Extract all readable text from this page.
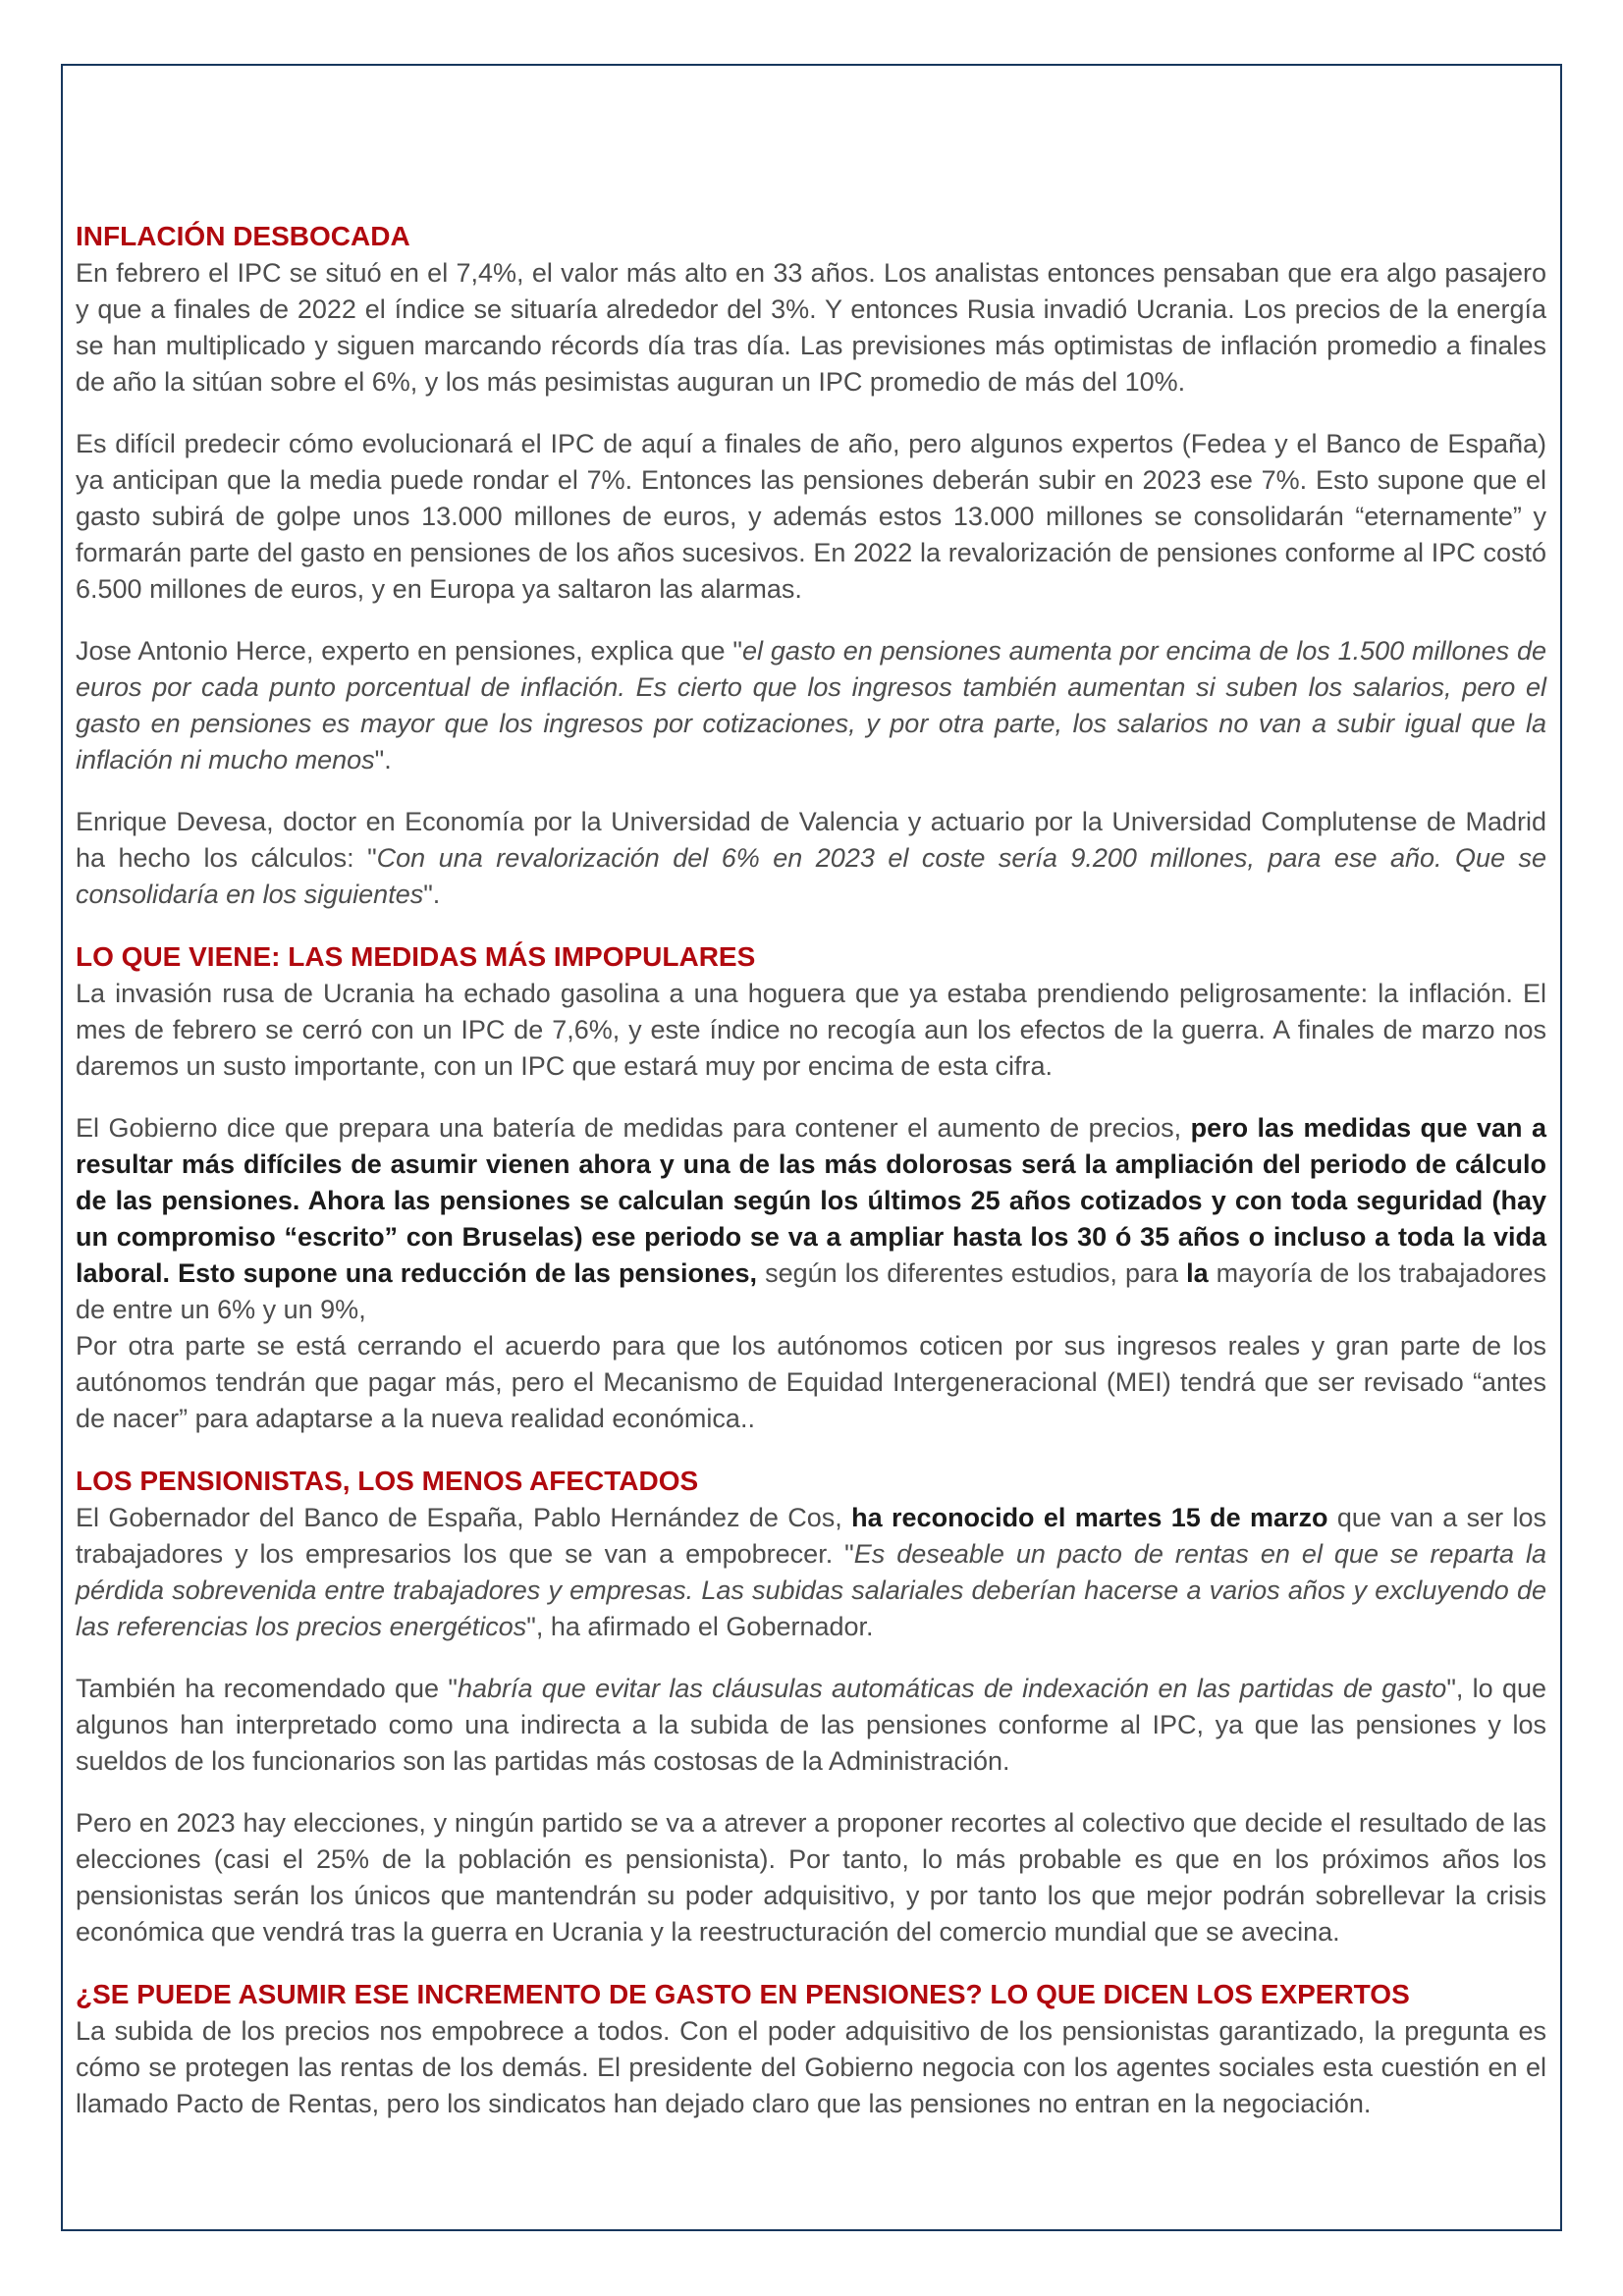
INFLACIÓN DESBOCADA

En febrero el IPC se situó en el 7,4%, el valor más alto en 33 años. Los analistas entonces pensaban que era algo pasajero y que a finales de 2022 el índice se situaría alrededor del 3%. Y entonces Rusia invadió Ucrania. Los precios de la energía se han multiplicado y siguen marcando récords día tras día. Las previsiones más optimistas de inflación promedio a finales de año la sitúan sobre el 6%, y los más pesimistas auguran un IPC promedio de más del 10%.

Es difícil predecir cómo evolucionará el IPC de aquí a finales de año, pero algunos expertos (Fedea y el Banco de España) ya anticipan que la media puede rondar el 7%. Entonces las pensiones deberán subir en 2023 ese 7%. Esto supone que el gasto subirá de golpe unos 13.000 millones de euros, y además estos 13.000 millones se consolidarán “eternamente” y formarán parte del gasto en pensiones de los años sucesivos. En 2022 la revalorización de pensiones conforme al IPC costó 6.500 millones de euros, y en Europa ya saltaron las alarmas.

Jose Antonio Herce, experto en pensiones, explica que "el gasto en pensiones aumenta por encima de los 1.500 millones de euros por cada punto porcentual de inflación. Es cierto que los ingresos también aumentan si suben los salarios, pero el gasto en pensiones es mayor que los ingresos por cotizaciones, y por otra parte, los salarios no van a subir igual que la inflación ni mucho menos".

Enrique Devesa, doctor en Economía por la Universidad de Valencia y actuario por la Universidad Complutense de Madrid ha hecho los cálculos: "Con una revalorización del 6% en 2023 el coste sería 9.200 millones, para ese año. Que se consolidaría en los siguientes".

LO QUE VIENE: LAS MEDIDAS MÁS IMPOPULARES

La invasión rusa de Ucrania ha echado gasolina a una hoguera que ya estaba prendiendo peligrosamente: la inflación. El mes de febrero se cerró con un IPC de 7,6%, y este índice no recogía aun los efectos de la guerra. A finales de marzo nos daremos un susto importante, con un IPC que estará muy por encima de esta cifra.

El Gobierno dice que prepara una batería de medidas para contener el aumento de precios, pero las medidas que van a resultar más difíciles de asumir vienen ahora y una de las más dolorosas será la ampliación del periodo de cálculo de las pensiones. Ahora las pensiones se calculan según los últimos 25 años cotizados y con toda seguridad (hay un compromiso “escrito” con Bruselas) ese periodo se va a ampliar hasta los 30 ó 35 años o incluso a toda la vida laboral. Esto supone una reducción de las pensiones, según los diferentes estudios, para la mayoría de los trabajadores de entre un 6% y un 9%,
Por otra parte se está cerrando el acuerdo para que los autónomos coticen por sus ingresos reales y gran parte de los autónomos tendrán que pagar más, pero el Mecanismo de Equidad Intergeneracional (MEI) tendrá que ser revisado “antes de nacer” para adaptarse a la nueva realidad económica..

LOS PENSIONISTAS, LOS MENOS AFECTADOS

El Gobernador del Banco de España, Pablo Hernández de Cos, ha reconocido el martes 15 de marzo que van a ser los trabajadores y los empresarios los que se van a empobrecer. "Es deseable un pacto de rentas en el que se reparta la pérdida sobrevenida entre trabajadores y empresas. Las subidas salariales deberían hacerse a varios años y excluyendo de las referencias los precios energéticos", ha afirmado el Gobernador.

También ha recomendado que "habría que evitar las cláusulas automáticas de indexación en las partidas de gasto", lo que algunos han interpretado como una indirecta a la subida de las pensiones conforme al IPC, ya que las pensiones y los sueldos de los funcionarios son las partidas más costosas de la Administración.

Pero en 2023 hay elecciones, y ningún partido se va a atrever a proponer recortes al colectivo que decide el resultado de las elecciones (casi el 25% de la población es pensionista). Por tanto, lo más probable es que en los próximos años los pensionistas serán los únicos que mantendrán su poder adquisitivo, y por tanto los que mejor podrán sobrellevar la crisis económica que vendrá tras la guerra en Ucrania y la reestructuración del comercio mundial que se avecina.

¿SE PUEDE ASUMIR ESE INCREMENTO DE GASTO EN PENSIONES? LO QUE DICEN LOS EXPERTOS

La subida de los precios nos empobrece a todos. Con el poder adquisitivo de los pensionistas garantizado, la pregunta es cómo se protegen las rentas de los demás. El presidente del Gobierno negocia con los agentes sociales esta cuestión en el llamado Pacto de Rentas, pero los sindicatos han dejado claro que las pensiones no entran en la negociación.
